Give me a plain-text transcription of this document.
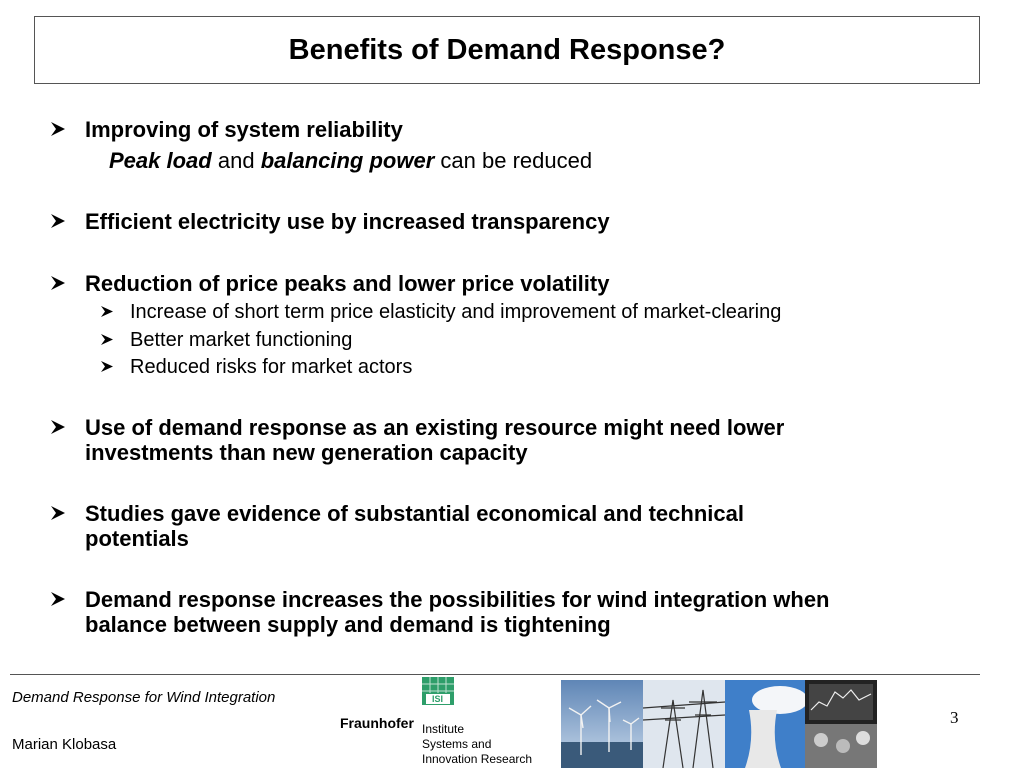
Benefits of Demand Response?
Improving of system reliability
Peak load and balancing power can be reduced
Efficient electricity use by increased transparency
Reduction of price peaks and lower price volatility
Increase of short term price elasticity and improvement of market-clearing
Better market functioning
Reduced risks for market actors
Use of demand response as an existing resource might need lower
investments than new generation capacity
Studies gave evidence of substantial economical and technical
potentials
Demand response increases the possibilities for wind integration when
balance between supply and demand is tightening
Demand Response for Wind Integration
Marian Klobasa
ISI
Fraunhofer Institute
Systems and
Innovation Research
3
